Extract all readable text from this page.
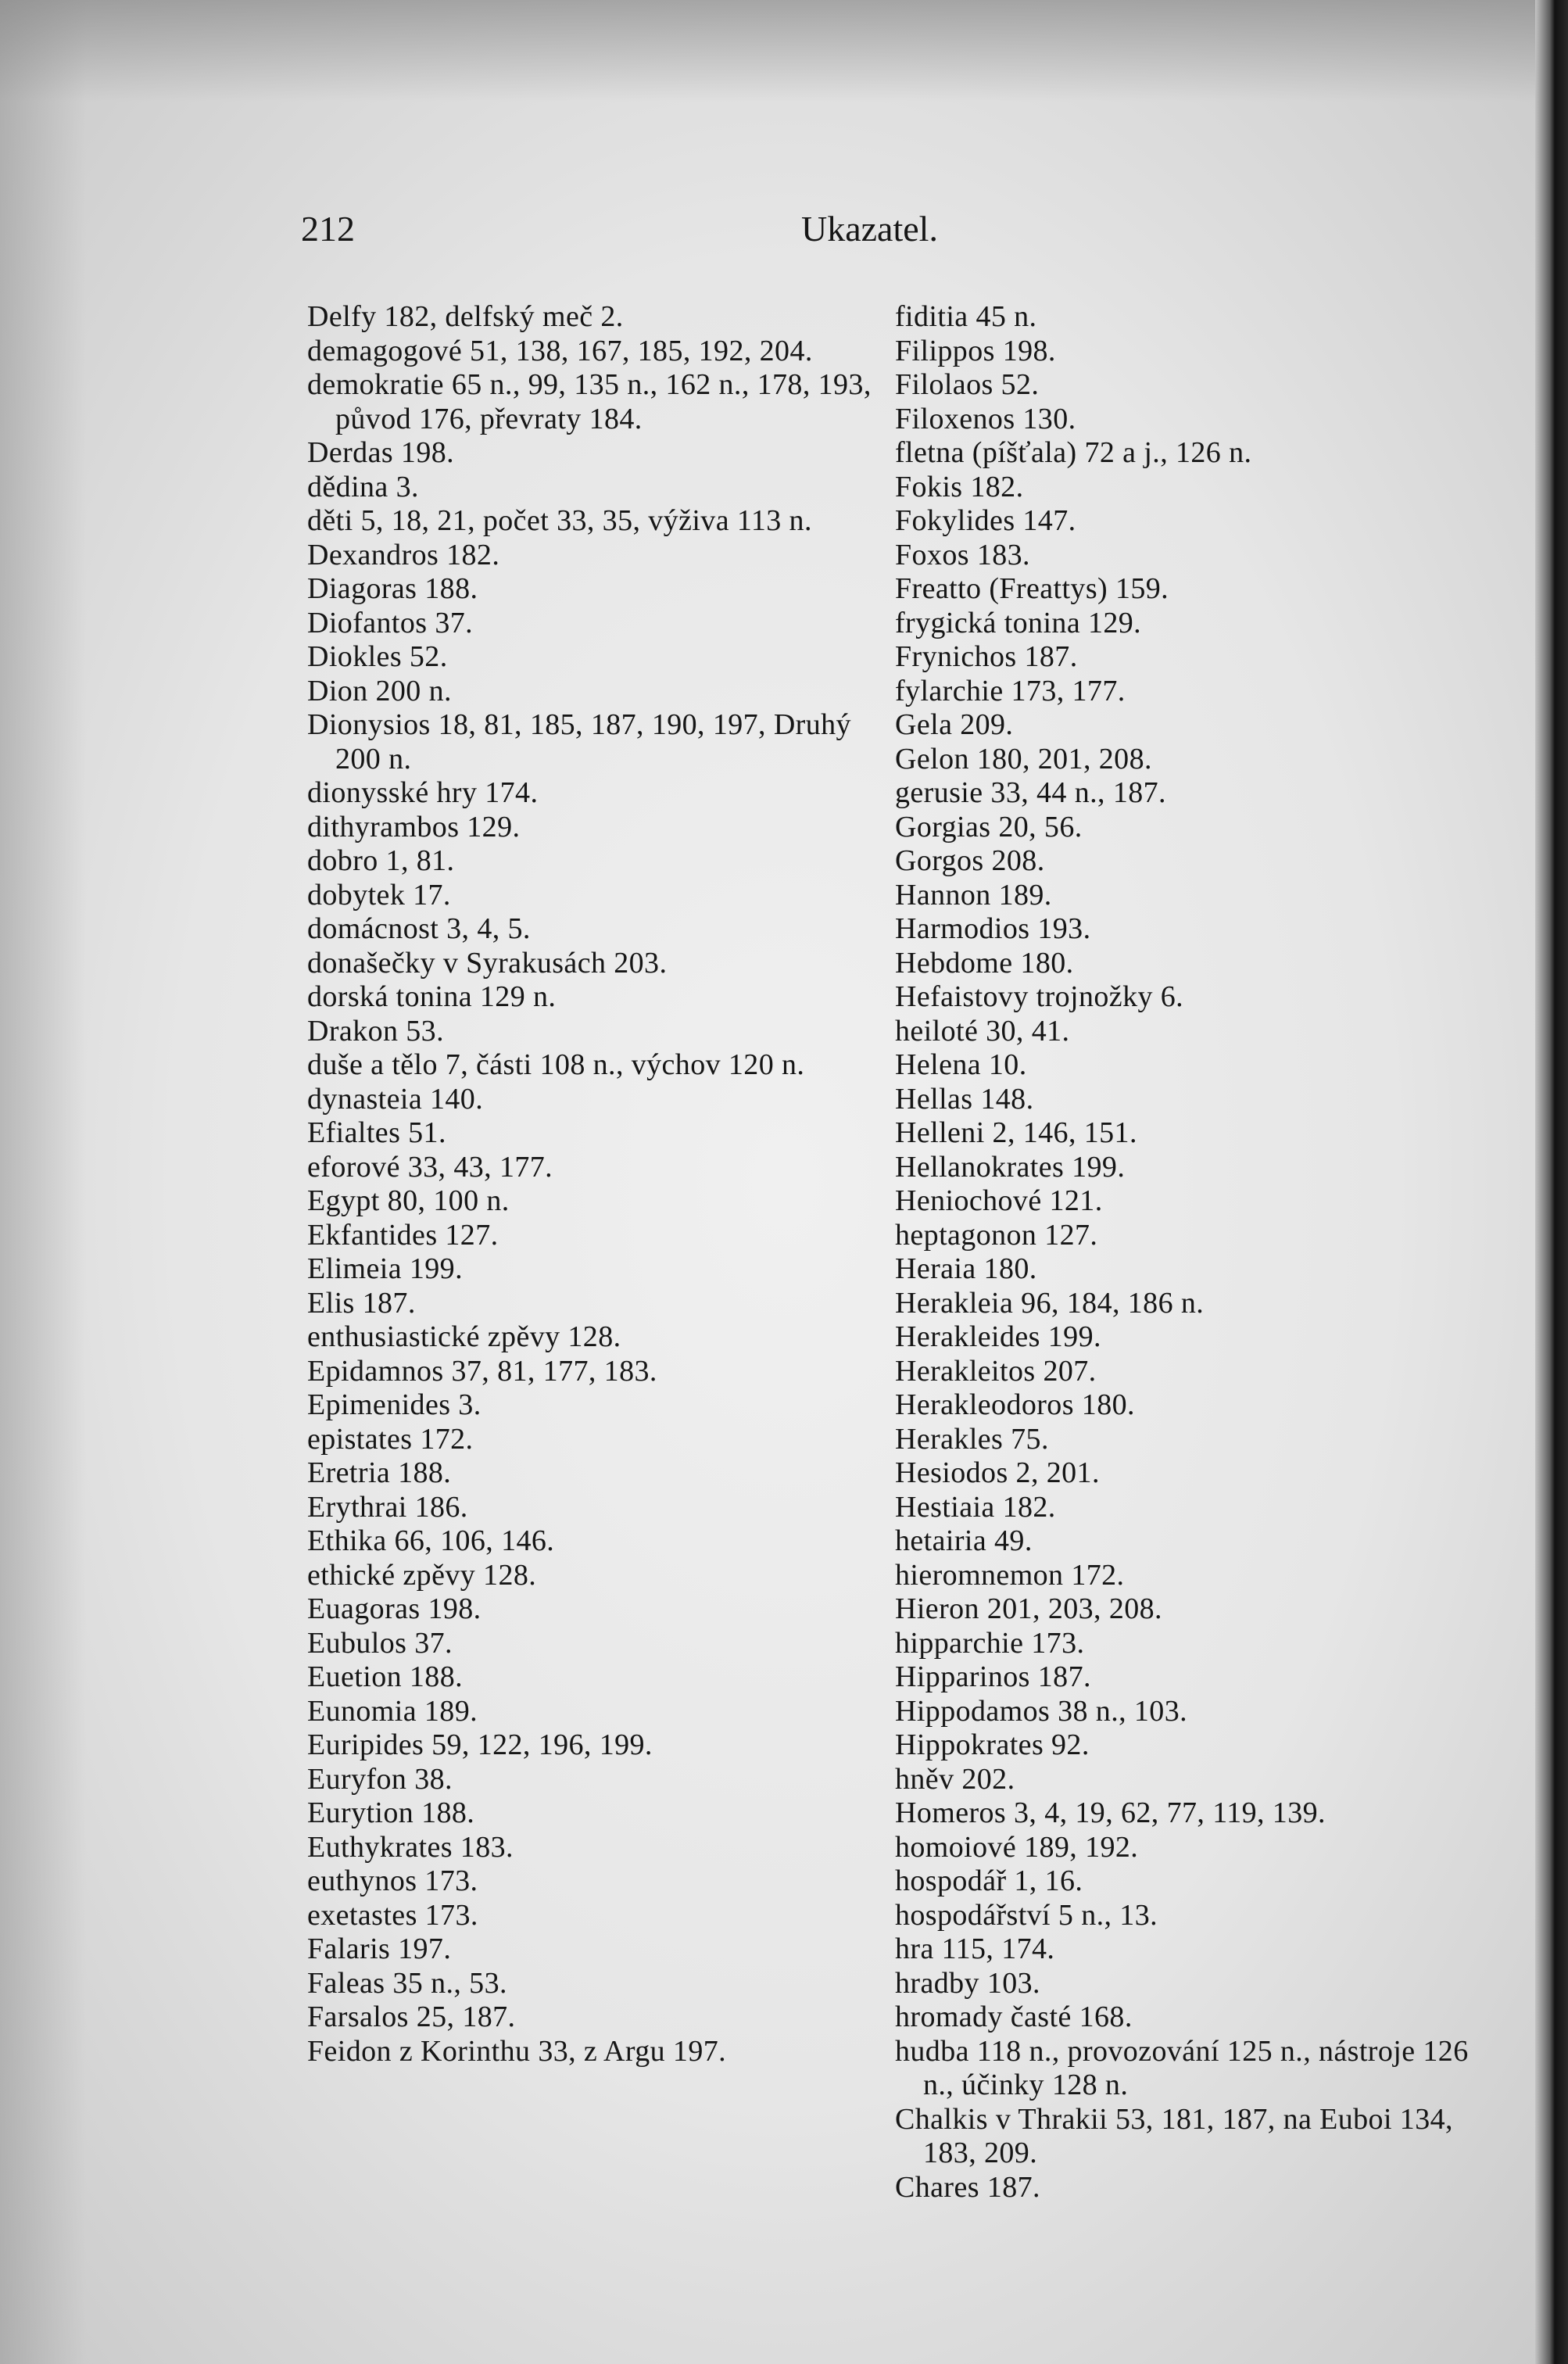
212	Ukazatel.
Delfy 182, delfský meč 2.
demagogové 51, 138, 167, 185, 192, 204.
demokratie 65 n., 99, 135 n., 162 n., 178, 193, původ 176, převraty 184.
Derdas 198.
dědina 3.
děti 5, 18, 21, počet 33, 35, výživa 113 n.
Dexandros 182.
Diagoras 188.
Diofantos 37.
Diokles 52.
Dion 200 n.
Dionysios 18, 81, 185, 187, 190, 197, Druhý 200 n.
dionysské hry 174.
dithyrambos 129.
dobro 1, 81.
dobytek 17.
domácnost 3, 4, 5.
donašečky v Syrakusách 203.
dorská tonina 129 n.
Drakon 53.
duše a tělo 7, části 108 n., výchov 120 n.
dynasteia 140.
Efialtes 51.
eforové 33, 43, 177.
Egypt 80, 100 n.
Ekfantides 127.
Elimeia 199.
Elis 187.
enthusiastické zpěvy 128.
Epidamnos 37, 81, 177, 183.
Epimenides 3.
epistates 172.
Eretria 188.
Erythrai 186.
Ethika 66, 106, 146.
ethické zpěvy 128.
Euagoras 198.
Eubulos 37.
Euetion 188.
Eunomia 189.
Euripides 59, 122, 196, 199.
Euryfon 38.
Eurytion 188.
Euthykrates 183.
euthynos 173.
exetastes 173.
Falaris 197.
Faleas 35 n., 53.
Farsalos 25, 187.
Feidon z Korinthu 33, z Argu 197.
fiditia 45 n.
Filippos 198.
Filolaos 52.
Filoxenos 130.
fletna (píšťala) 72 a j., 126 n.
Fokis 182.
Fokylides 147.
Foxos 183.
Freatto (Freattys) 159.
frygická tonina 129.
Frynichos 187.
fylarchie 173, 177.
Gela 209.
Gelon 180, 201, 208.
gerusie 33, 44 n., 187.
Gorgias 20, 56.
Gorgos 208.
Hannon 189.
Harmodios 193.
Hebdome 180.
Hefaistovy trojnožky 6.
heiloté 30, 41.
Helena 10.
Hellas 148.
Helleni 2, 146, 151.
Hellanokrates 199.
Heniochové 121.
heptagonon 127.
Heraia 180.
Herakleia 96, 184, 186 n.
Herakleides 199.
Herakleitos 207.
Herakleodoros 180.
Herakles 75.
Hesiodos 2, 201.
Hestiaia 182.
hetairia 49.
hieromnemon 172.
Hieron 201, 203, 208.
hipparchie 173.
Hipparinos 187.
Hippodamos 38 n., 103.
Hippokrates 92.
hněv 202.
Homeros 3, 4, 19, 62, 77, 119, 139.
homoiové 189, 192.
hospodář 1, 16.
hospodářství 5 n., 13.
hra 115, 174.
hradby 103.
hromady časté 168.
hudba 118 n., provozování 125 n., nástroje 126 n., účinky 128 n.
Chalkis v Thrakii 53, 181, 187, na Euboi 134, 183, 209.
Chares 187.
